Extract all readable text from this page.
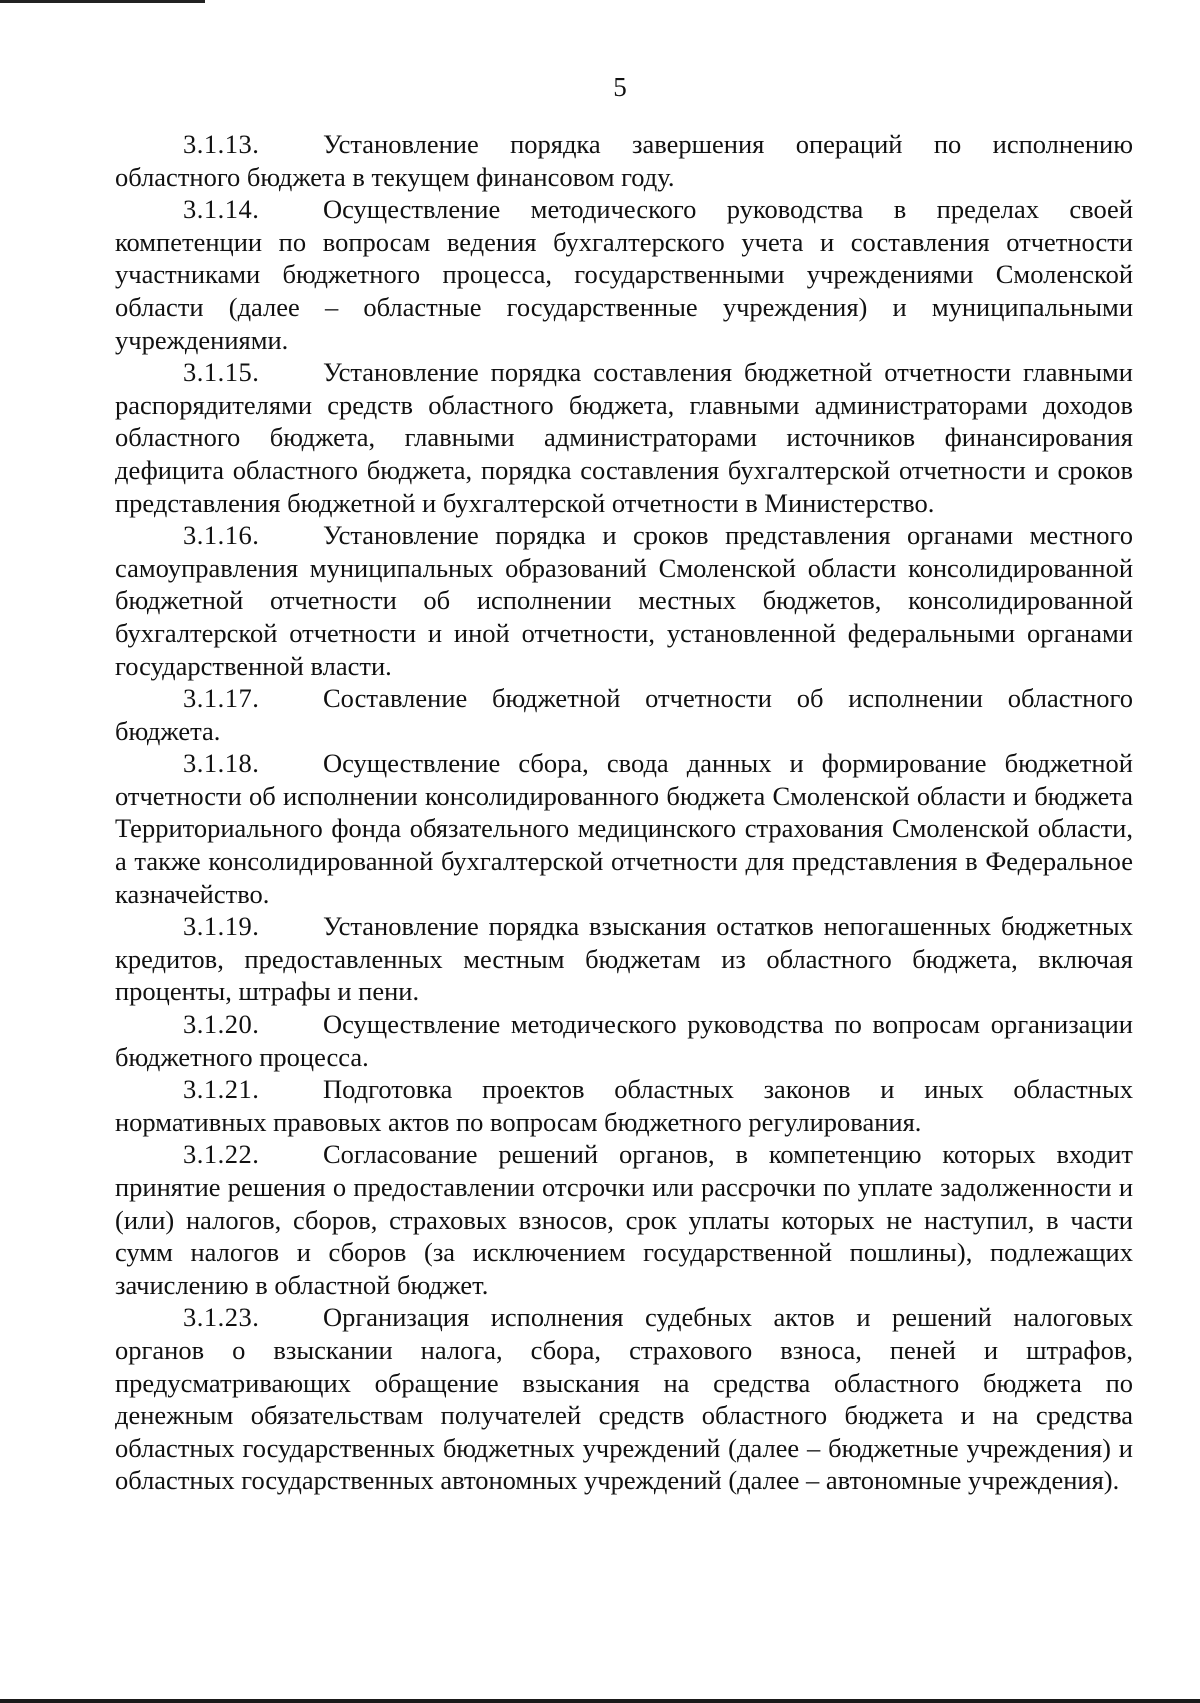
5

3.1.13. Установление порядка завершения операций по исполнению областного бюджета в текущем финансовом году.

3.1.14. Осуществление методического руководства в пределах своей компетенции по вопросам ведения бухгалтерского учета и составления отчетности участниками бюджетного процесса, государственными учреждениями Смоленской области (далее – областные государственные учреждения) и муниципальными учреждениями.

3.1.15. Установление порядка составления бюджетной отчетности главными распорядителями средств областного бюджета, главными администраторами доходов областного бюджета, главными администраторами источников финансирования дефицита областного бюджета, порядка составления бухгалтерской отчетности и сроков представления бюджетной и бухгалтерской отчетности в Министерство.

3.1.16. Установление порядка и сроков представления органами местного самоуправления муниципальных образований Смоленской области консолидированной бюджетной отчетности об исполнении местных бюджетов, консолидированной бухгалтерской отчетности и иной отчетности, установленной федеральными органами государственной власти.

3.1.17. Составление бюджетной отчетности об исполнении областного бюджета.

3.1.18. Осуществление сбора, свода данных и формирование бюджетной отчетности об исполнении консолидированного бюджета Смоленской области и бюджета Территориального фонда обязательного медицинского страхования Смоленской области, а также консолидированной бухгалтерской отчетности для представления в Федеральное казначейство.

3.1.19. Установление порядка взыскания остатков непогашенных бюджетных кредитов, предоставленных местным бюджетам из областного бюджета, включая проценты, штрафы и пени.

3.1.20. Осуществление методического руководства по вопросам организации бюджетного процесса.

3.1.21. Подготовка проектов областных законов и иных областных нормативных правовых актов по вопросам бюджетного регулирования.

3.1.22. Согласование решений органов, в компетенцию которых входит принятие решения о предоставлении отсрочки или рассрочки по уплате задолженности и (или) налогов, сборов, страховых взносов, срок уплаты которых не наступил, в части сумм налогов и сборов (за исключением государственной пошлины), подлежащих зачислению в областной бюджет.

3.1.23. Организация исполнения судебных актов и решений налоговых органов о взыскании налога, сбора, страхового взноса, пеней и штрафов, предусматривающих обращение взыскания на средства областного бюджета по денежным обязательствам получателей средств областного бюджета и на средства областных государственных бюджетных учреждений (далее – бюджетные учреждения) и областных государственных автономных учреждений (далее – автономные учреждения).
